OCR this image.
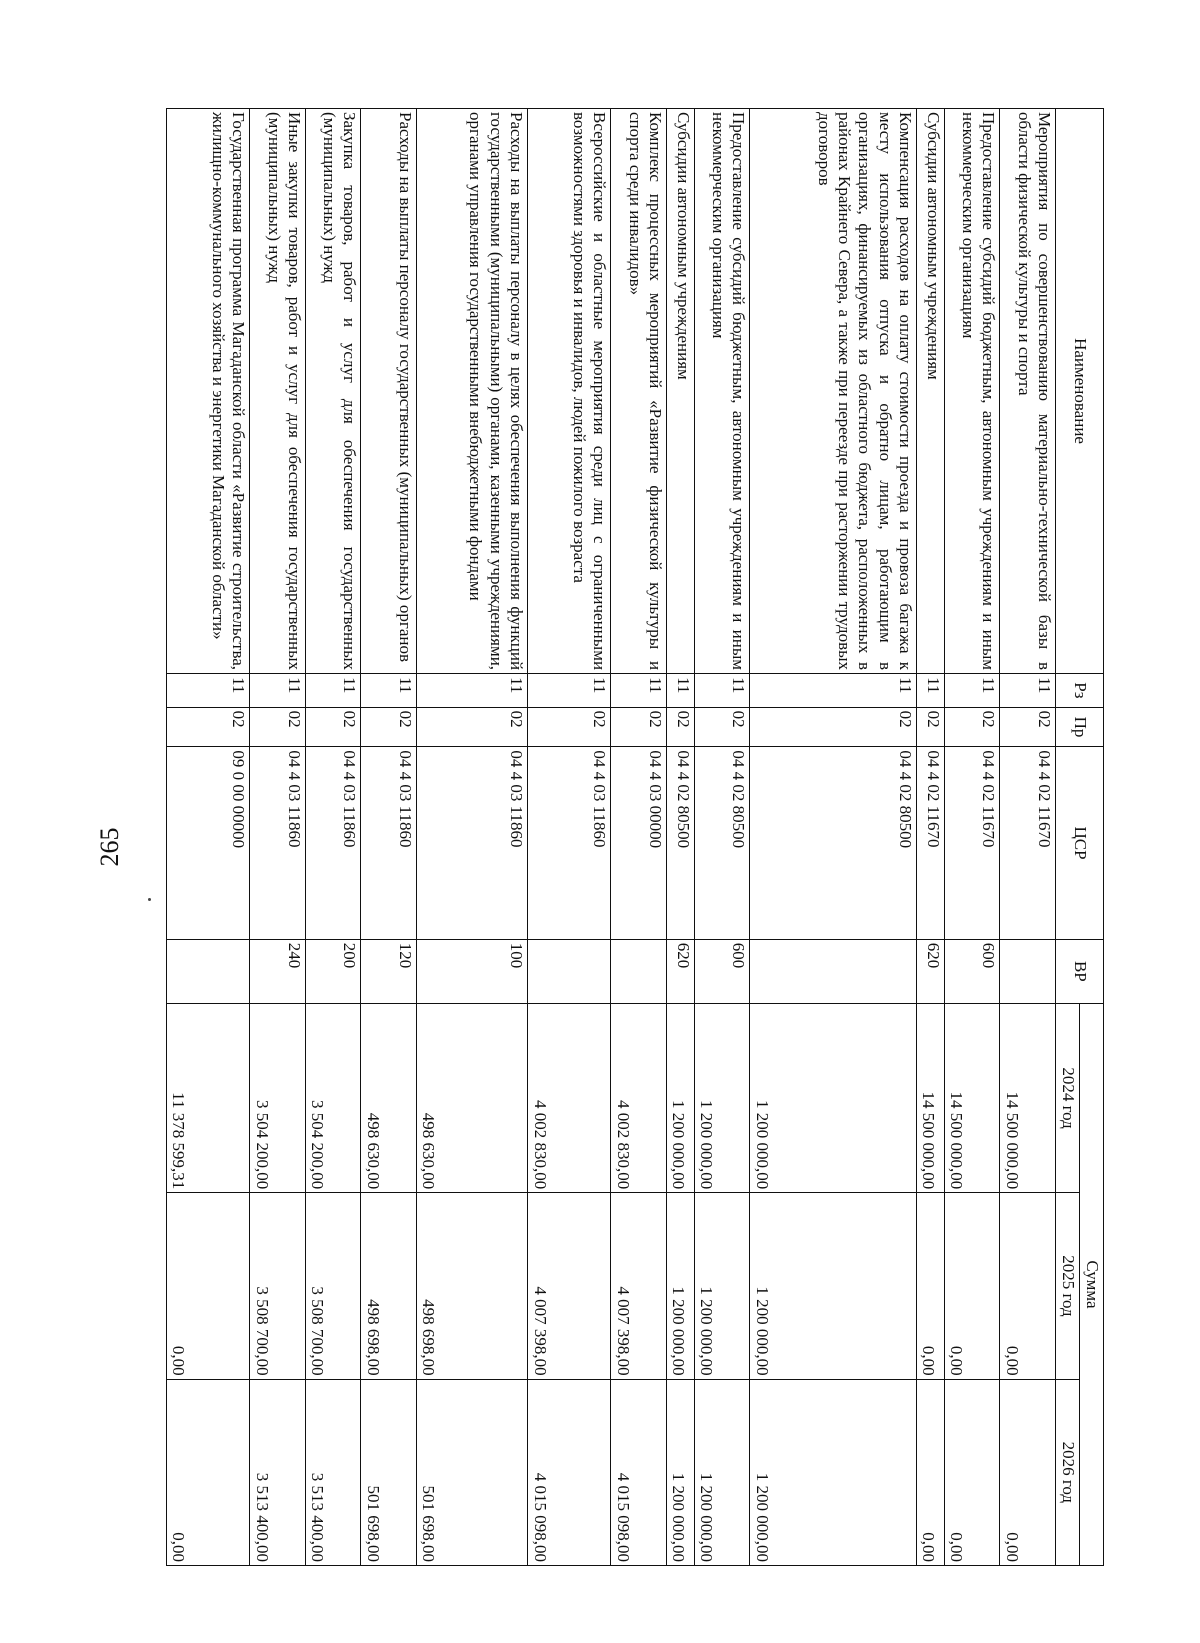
265
Наименование	Рз	Пр	ЦСР	ВР	Сумма		
					2024 год	2025 год	2026 год
Мероприятия по совершенствованию материально-технической базы в области физической культуры и спорта	11	02	04 4 02 11670		14 500 000,00	0,00	0,00
Предоставление субсидий бюджетным, автономным учреждениям и иным некоммерческим организациям	11	02	04 4 02 11670	600	14 500 000,00	0,00	0,00
Субсидии автономным учреждениям	11	02	04 4 02 11670	620	14 500 000,00	0,00	0,00
Компенсация расходов на оплату стоимости проезда и провоза багажа к месту использования отпуска и обратно лицам, работающим в организациях, финансируемых из областного бюджета, расположенных в районах Крайнего Севера, а также при переезде при расторжении трудовых договоров	11	02	04 4 02 80500		1 200 000,00	1 200 000,00	1 200 000,00
Предоставление субсидий бюджетным, автономным учреждениям и иным некоммерческим организациям	11	02	04 4 02 80500	600	1 200 000,00	1 200 000,00	1 200 000,00
Субсидии автономным учреждениям	11	02	04 4 02 80500	620	1 200 000,00	1 200 000,00	1 200 000,00
Комплекс процессных мероприятий «Развитие физической культуры и спорта среди инвалидов»	11	02	04 4 03 00000		4 002 830,00	4 007 398,00	4 015 098,00
Всероссийские и областные мероприятия среди лиц с ограниченными возможностями здоровья и инвалидов, людей пожилого возраста	11	02	04 4 03 11860		4 002 830,00	4 007 398,00	4 015 098,00
Расходы на выплаты персоналу в целях обеспечения выполнения функций государственными (муниципальными) органами, казенными учреждениями, органами управления государственными внебюджетными фондами	11	02	04 4 03 11860	100	498 630,00	498 698,00	501 698,00
Расходы на выплаты персоналу государственных (муниципальных) органов	11	02	04 4 03 11860	120	498 630,00	498 698,00	501 698,00
Закупка товаров, работ и услуг для обеспечения государственных (муниципальных) нужд	11	02	04 4 03 11860	200	3 504 200,00	3 508 700,00	3 513 400,00
Иные закупки товаров, работ и услуг для обеспечения государственных (муниципальных) нужд	11	02	04 4 03 11860	240	3 504 200,00	3 508 700,00	3 513 400,00
Государственная программа Магаданской области «Развитие строительства, жилищно-коммунального хозяйства и энергетики Магаданской области»	11	02	09 0 00 00000		11 378 599,31	0,00	0,00
